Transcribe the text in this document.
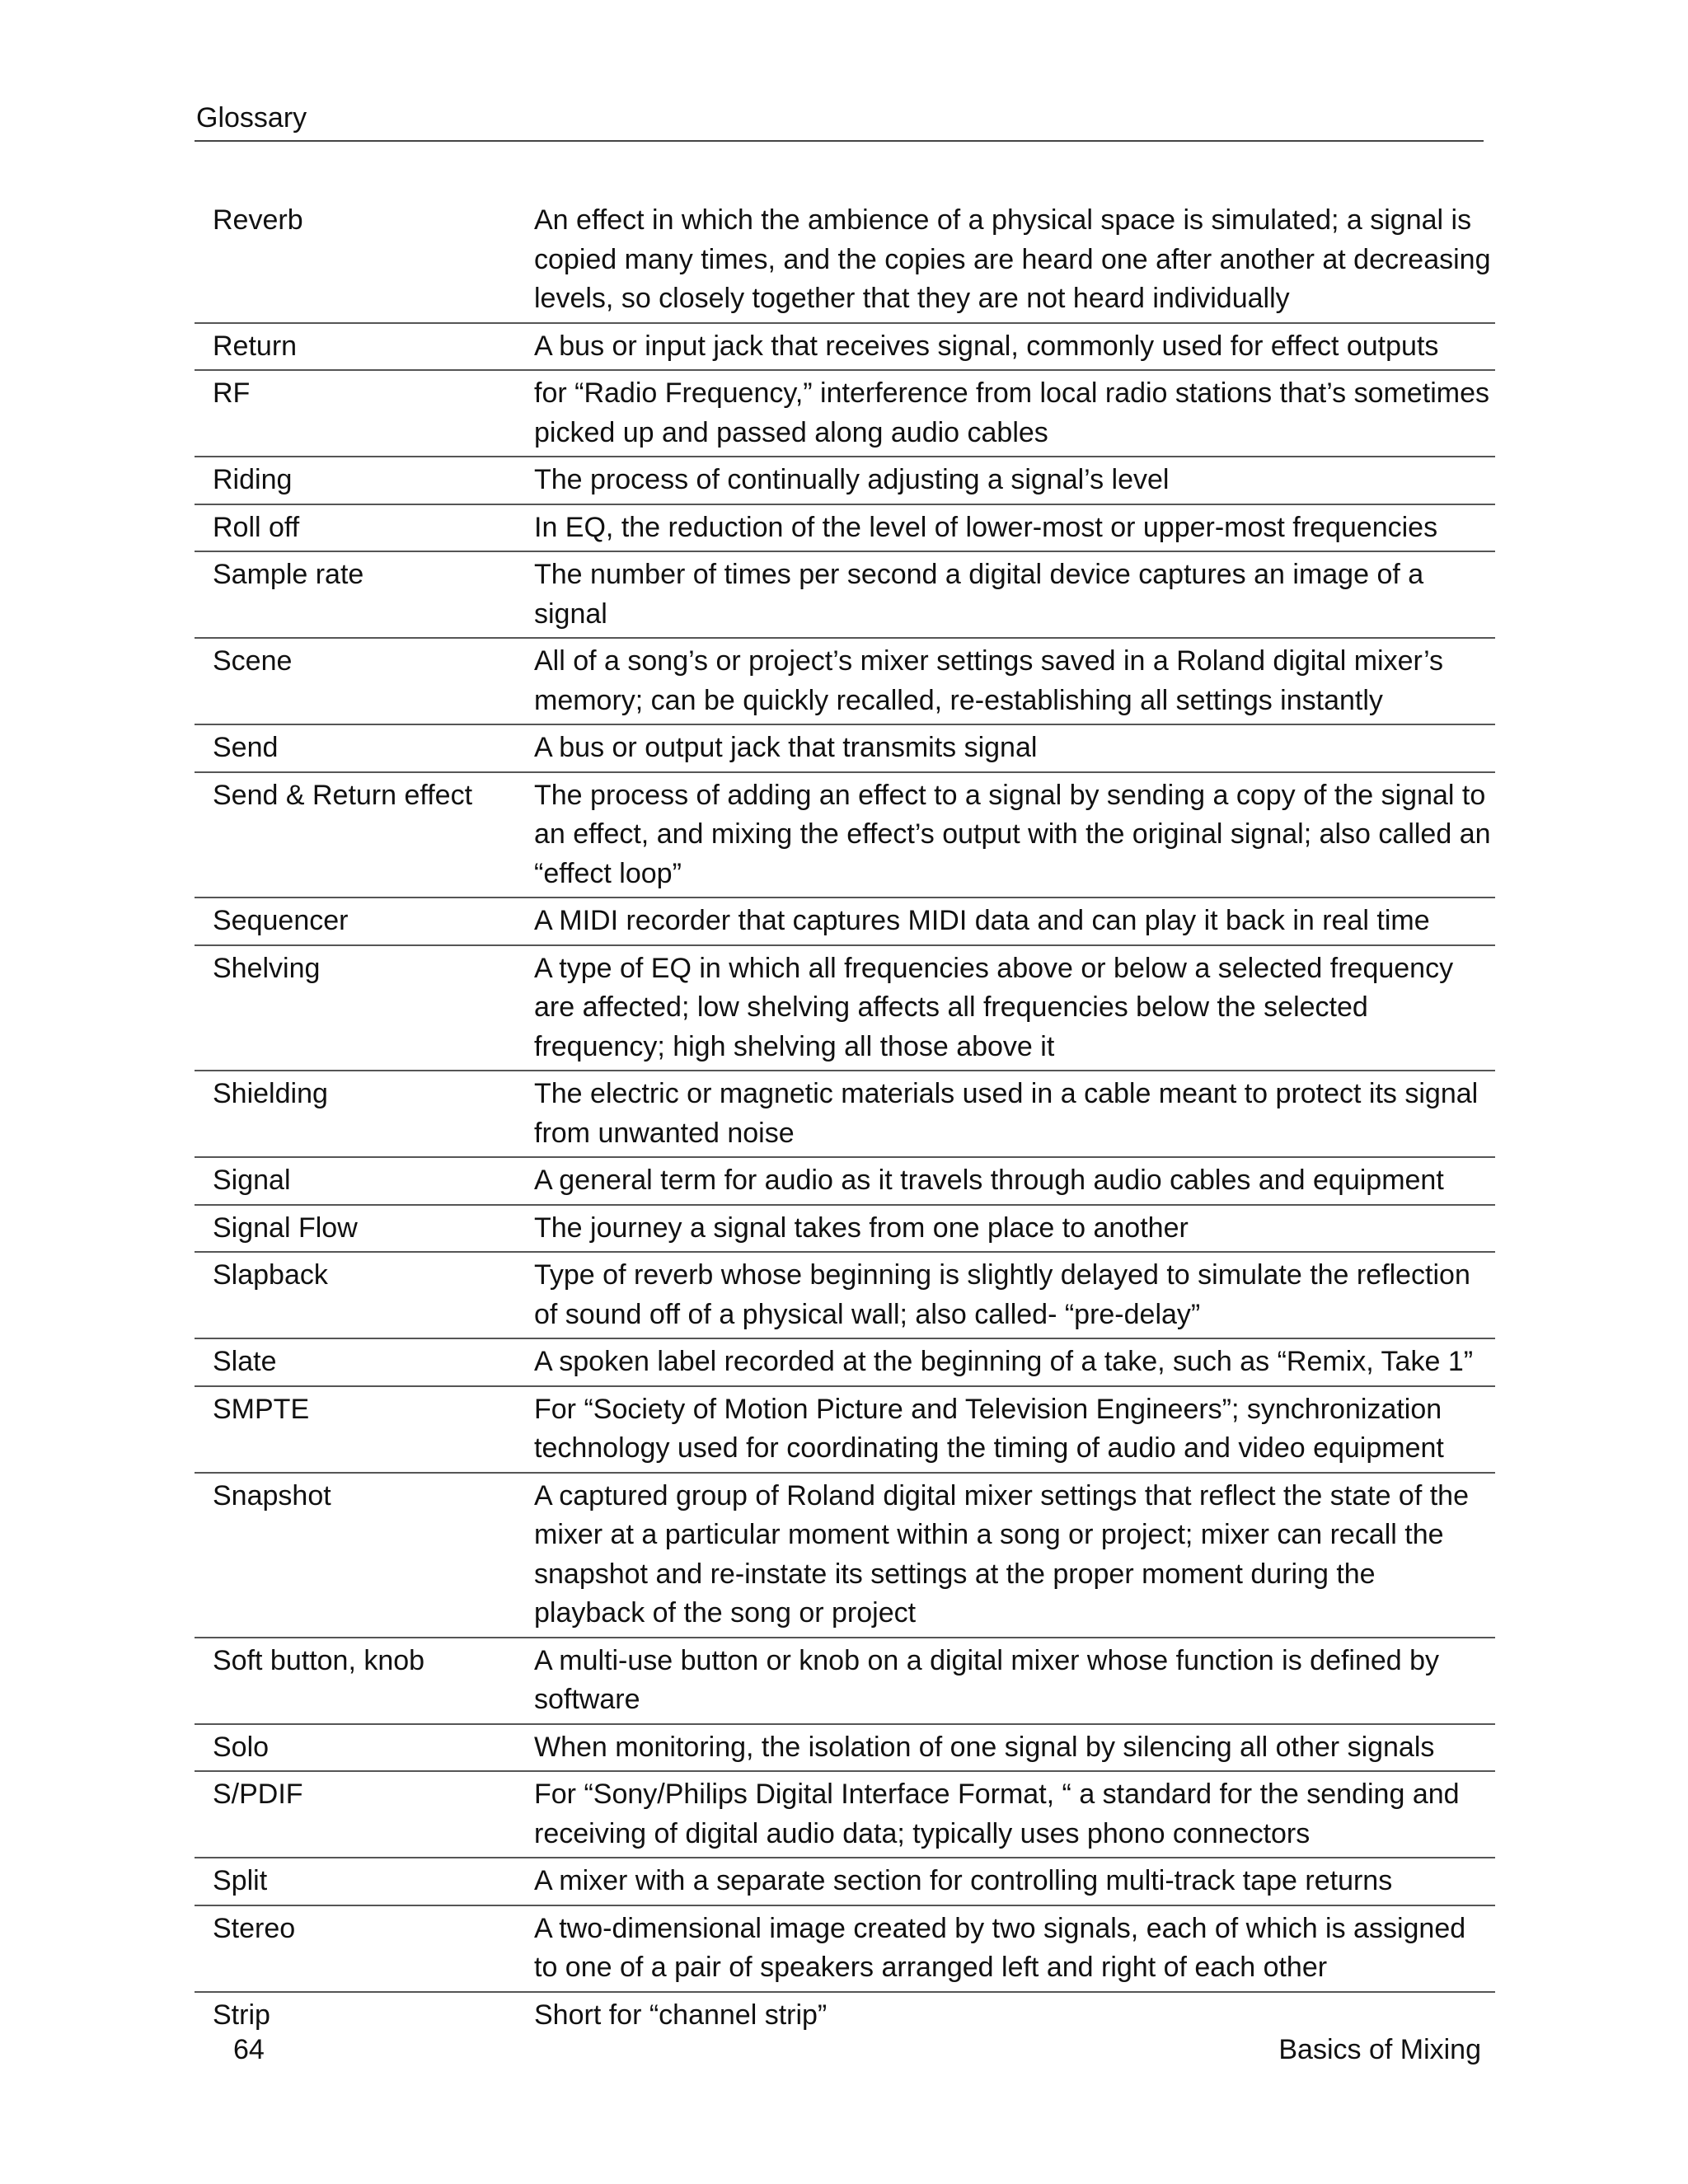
Glossary
Reverb	An effect in which the ambience of a physical space is simulated; a signal is copied many times, and the copies are heard one after another at decreasing levels, so closely together that they are not heard individually
Return	A bus or input jack that receives signal, commonly used for effect outputs
RF	for “Radio Frequency,” interference from local radio stations that’s sometimes picked up and passed along audio cables
Riding	The process of continually adjusting a signal’s level
Roll off	In EQ, the reduction of the level of lower-most or upper-most frequencies
Sample rate	The number of times per second a digital device captures an image of a signal
Scene	All of a song’s or project’s mixer settings saved in a Roland digital mixer’s memory; can be quickly recalled, re-establishing all settings instantly
Send	A bus or output jack that transmits signal
Send & Return effect	The process of adding an effect to a signal by sending a copy of the signal to an effect, and mixing the effect’s output with the original signal; also called an “effect loop”
Sequencer	A MIDI recorder that captures MIDI data and can play it back in real time
Shelving	A type of EQ in which all frequencies above or below a selected frequency are affected; low shelving affects all frequencies below the selected frequency; high shelving all those above it
Shielding	The electric or magnetic materials used in a cable meant to protect its signal from unwanted noise
Signal	A general term for audio as it travels through audio cables and equipment
Signal Flow	The journey a signal takes from one place to another
Slapback	Type of reverb whose beginning is slightly delayed to simulate the reflection of sound off of a physical wall; also called- “pre-delay”
Slate	A spoken label recorded at the beginning of a take, such as “Remix, Take 1”
SMPTE	For “Society of Motion Picture and Television Engineers”; synchronization technology used for coordinating the timing of audio and video equipment
Snapshot	A captured group of Roland digital mixer settings that reflect the state of the mixer at a particular moment within a song or project; mixer can recall the snapshot and re-instate its settings at the proper moment during the playback of the song or project
Soft button, knob	A multi-use button or knob on a digital mixer whose function is defined by software
Solo	When monitoring, the isolation of one signal by silencing all other signals
S/PDIF	For “Sony/Philips Digital Interface Format, “ a standard for the sending and receiving of digital audio data; typically uses phono connectors
Split	A mixer with a separate section for controlling multi-track tape returns
Stereo	A two-dimensional image created by two signals, each of which is assigned to one of a pair of speakers arranged left and right of each other
Strip	Short for “channel strip”
64	Basics of Mixing
